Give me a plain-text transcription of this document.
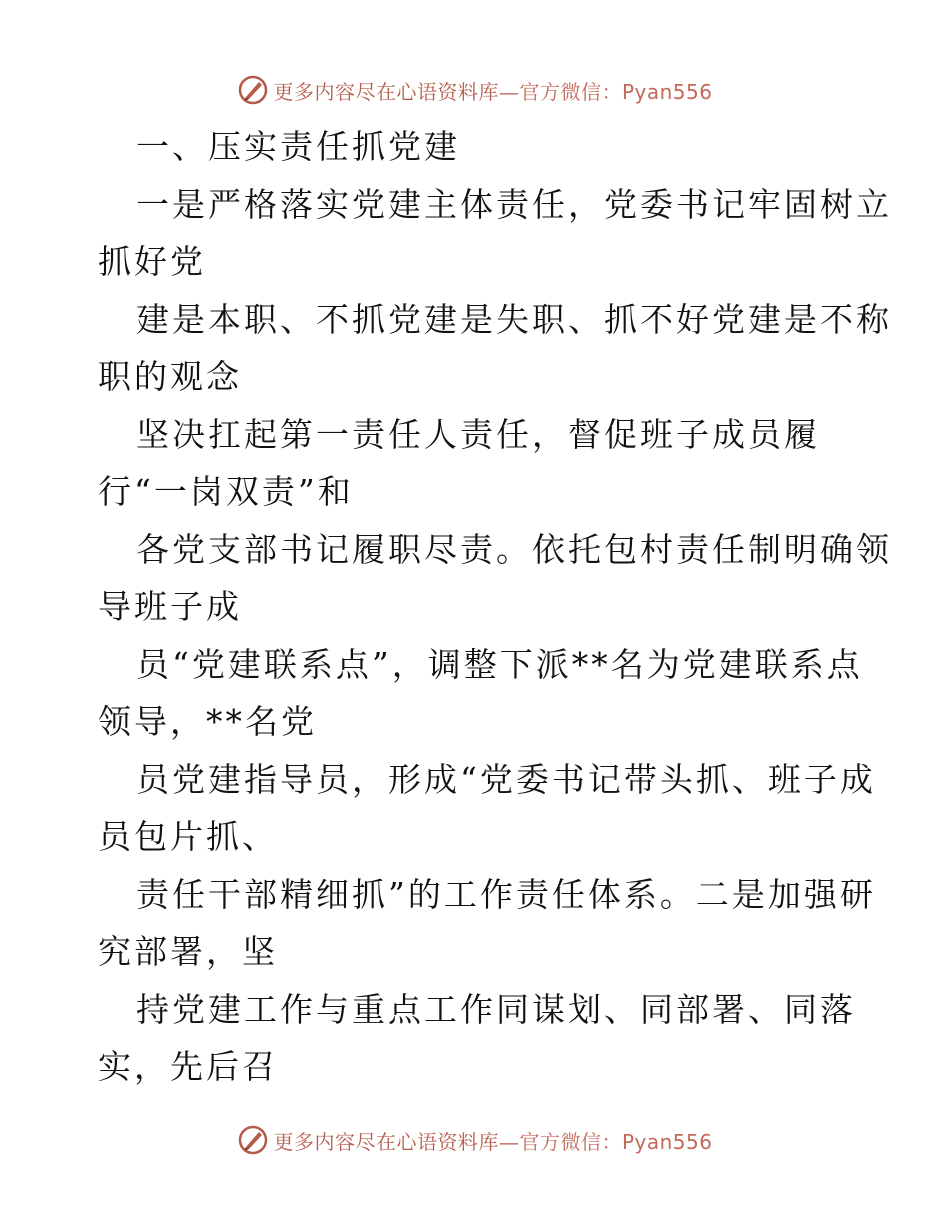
更多内容尽在心语资料库—官方微信：Pyan556
一、压实责任抓党建
一是严格落实党建主体责任，党委书记牢固树立
抓好党
建是本职、不抓党建是失职、抓不好党建是不称
职的观念
坚决扛起第一责任人责任，督促班子成员履
行“一岗双责”和
各党支部书记履职尽责。依托包村责任制明确领
导班子成
员“党建联系点”，调整下派**名为党建联系点
领导，**名党
员党建指导员，形成“党委书记带头抓、班子成
员包片抓、
责任干部精细抓”的工作责任体系。二是加强研
究部署，坚
持党建工作与重点工作同谋划、同部署、同落
实，先后召
更多内容尽在心语资料库—官方微信：Pyan556
